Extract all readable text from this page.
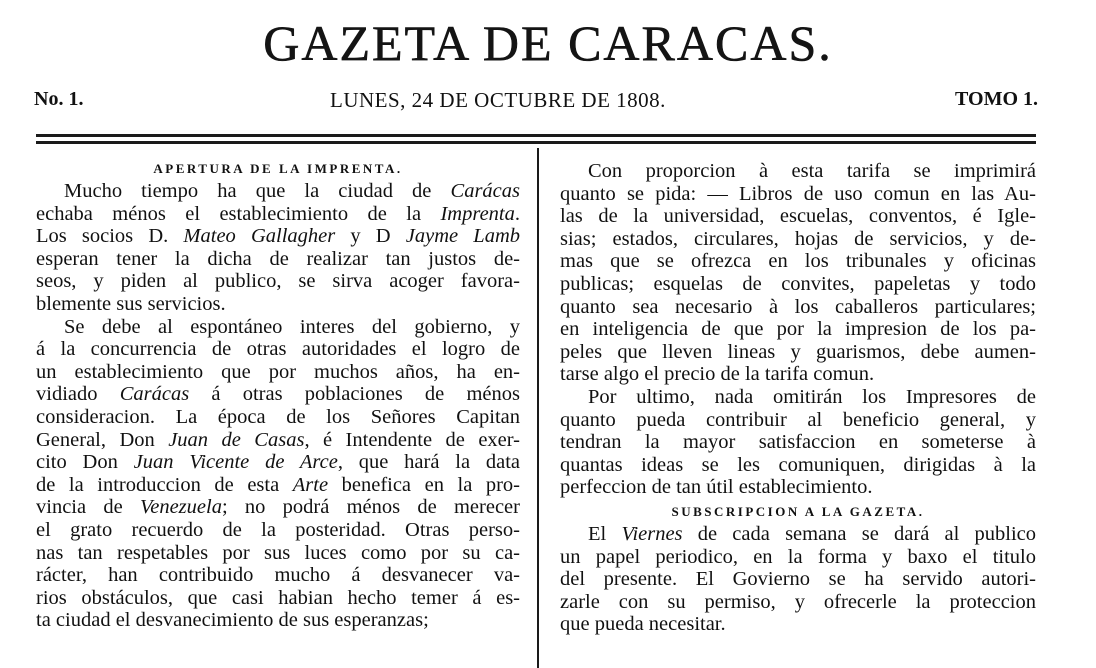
GAZETA DE CARACAS.
No. 1.	LUNES, 24 DE OCTUBRE DE 1808.	TOMO 1.
APERTURA DE LA IMPRENTA.
Mucho tiempo ha que la ciudad de Carácas
echaba ménos el establecimiento de la Imprenta.
Los socios D. Mateo Gallagher y D Jayme Lamb
esperan tener la dicha de realizar tan justos de-
seos, y piden al publico, se sirva acoger favora-
blemente sus servicios.
Se debe al espontáneo interes del gobierno, y
á la concurrencia de otras autoridades el logro de
un establecimiento que por muchos años, ha en-
vidiado Carácas á otras poblaciones de ménos
consideracion. La época de los Señores Capitan
General, Don Juan de Casas, é Intendente de exer-
cito Don Juan Vicente de Arce, que hará la data
de la introduccion de esta Arte benefica en la pro-
vincia de Venezuela; no podrá ménos de merecer
el grato recuerdo de la posteridad. Otras perso-
nas tan respetables por sus luces como por su ca-
rácter, han contribuido mucho á desvanecer va-
rios obstáculos, que casi habian hecho temer á es-
ta ciudad el desvanecimiento de sus esperanzas;
Con proporcion à esta tarifa se imprimirá
quanto se pida: — Libros de uso comun en las Au-
las de la universidad, escuelas, conventos, é Igle-
sias; estados, circulares, hojas de servicios, y de-
mas que se ofrezca en los tribunales y oficinas
publicas; esquelas de convites, papeletas y todo
quanto sea necesario à los caballeros particulares;
en inteligencia de que por la impresion de los pa-
peles que lleven lineas y guarismos, debe aumen-
tarse algo el precio de la tarifa comun.
Por ultimo, nada omitirán los Impresores de
quanto pueda contribuir al beneficio general, y
tendran la mayor satisfaccion en someterse à
quantas ideas se les comuniquen, dirigidas à la
perfeccion de tan útil establecimiento.
SUBSCRIPCION A LA GAZETA.
El Viernes de cada semana se dará al publico
un papel periodico, en la forma y baxo el titulo
del presente. El Govierno se ha servido autori-
zarle con su permiso, y ofrecerle la proteccion
que pueda necesitar.
